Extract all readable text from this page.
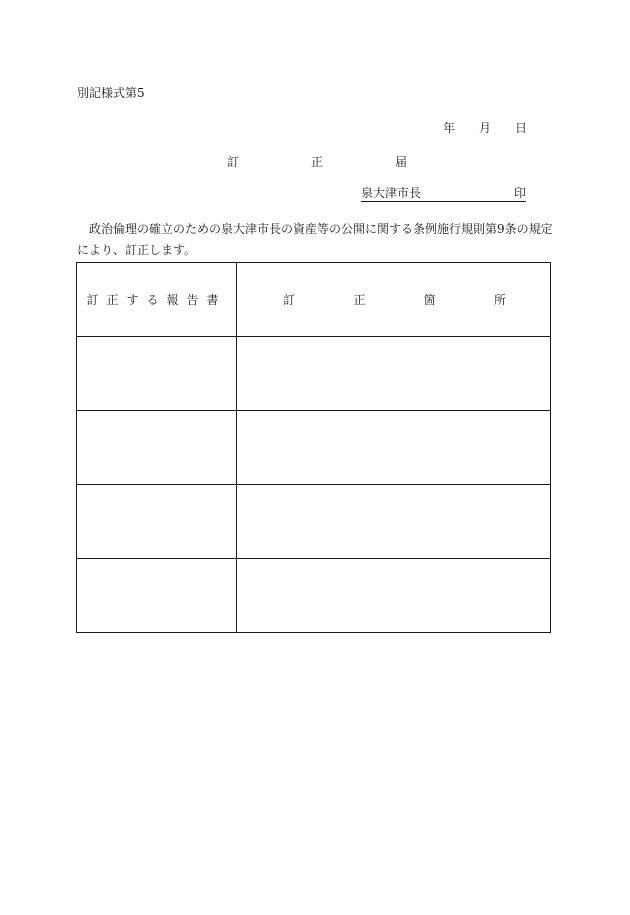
別記様式第5
年	月	日
訂	正	届
泉大津市長	印
政治倫理の確立のための泉大津市長の資産等の公開に関する条例施行規則第9条の規定により、訂正します。
訂正する報告書	訂 正 箇 所
